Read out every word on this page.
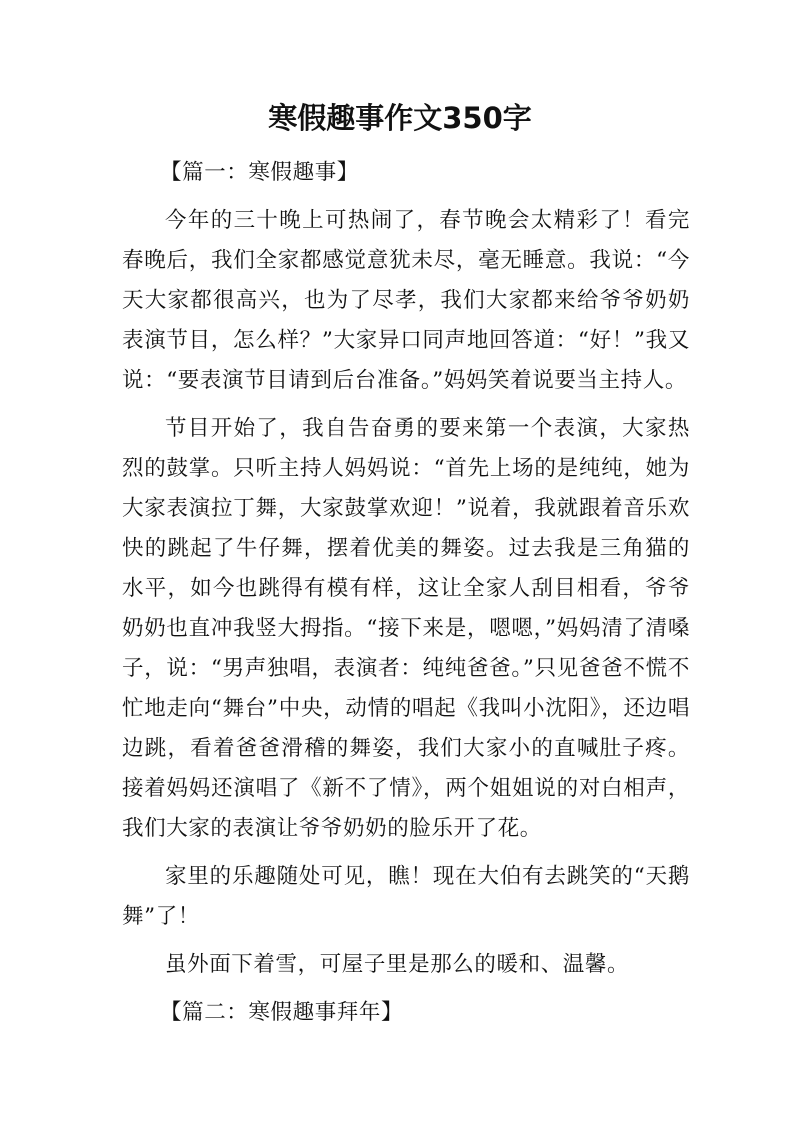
寒假趣事作文350字

【篇一：寒假趣事】

今年的三十晚上可热闹了，春节晚会太精彩了！看完春晚后，我们全家都感觉意犹未尽，毫无睡意。我说：“今天大家都很高兴，也为了尽孝，我们大家都来给爷爷奶奶表演节目，怎么样？”大家异口同声地回答道：“好！”我又说：“要表演节目请到后台准备。”妈妈笑着说要当主持人。

节目开始了，我自告奋勇的要来第一个表演，大家热烈的鼓掌。只听主持人妈妈说：“首先上场的是纯纯，她为大家表演拉丁舞，大家鼓掌欢迎！”说着，我就跟着音乐欢快的跳起了牛仔舞，摆着优美的舞姿。过去我是三角猫的水平，如今也跳得有模有样，这让全家人刮目相看，爷爷奶奶也直冲我竖大拇指。“接下来是，嗯嗯，”妈妈清了清嗓子，说：“男声独唱，表演者：纯纯爸爸。”只见爸爸不慌不忙地走向“舞台”中央，动情的唱起《我叫小沈阳》，还边唱边跳，看着爸爸滑稽的舞姿，我们大家小的直喊肚子疼。接着妈妈还演唱了《新不了情》，两个姐姐说的对白相声，我们大家的表演让爷爷奶奶的脸乐开了花。

家里的乐趣随处可见，瞧！现在大伯有去跳笑的“天鹅舞”了！

虽外面下着雪，可屋子里是那么的暖和、温馨。

【篇二：寒假趣事拜年】
